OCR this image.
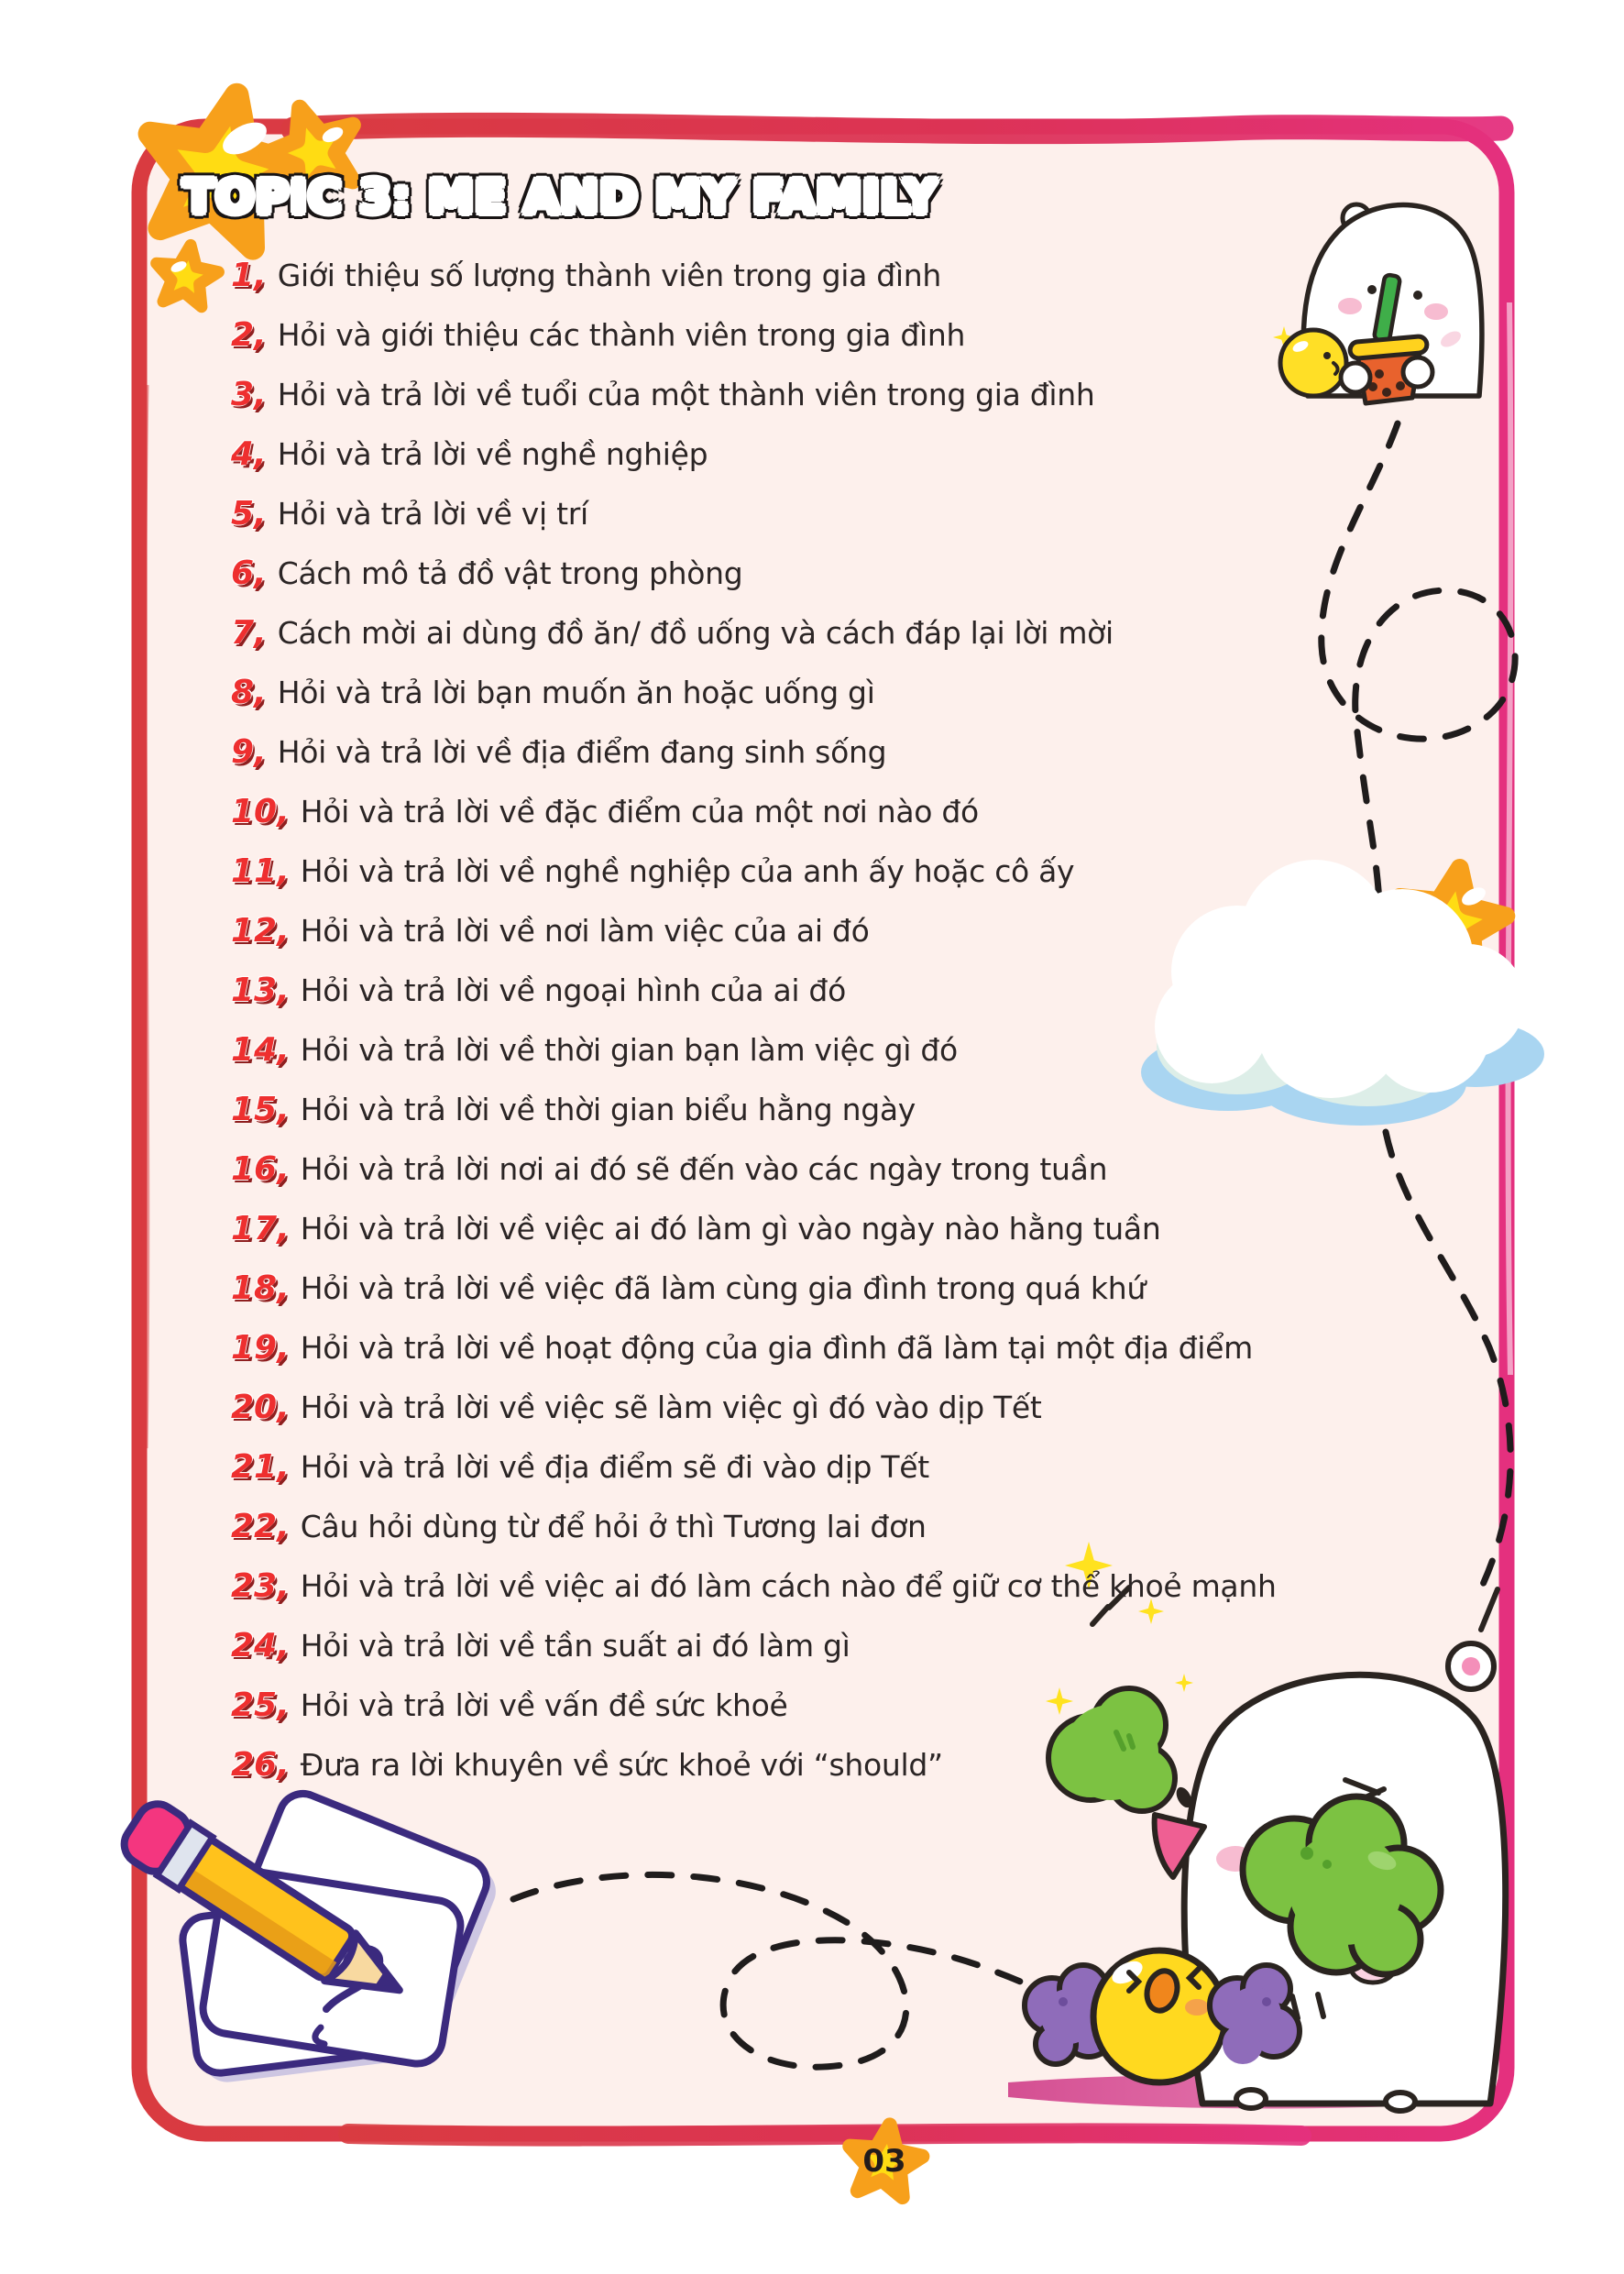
TOPIC 3: ME AND MY FAMILY
1, Giới thiệu số lượng thành viên trong gia đình
2, Hỏi và giới thiệu các thành viên trong gia đình
3, Hỏi và trả lời về tuổi của một thành viên trong gia đình
4, Hỏi và trả lời về nghề nghiệp
5, Hỏi và trả lời về vị trí
6, Cách mô tả đồ vật trong phòng
7, Cách mời ai dùng đồ ăn/ đồ uống và cách đáp lại lời mời
8, Hỏi và trả lời bạn muốn ăn hoặc uống gì
9, Hỏi và trả lời về địa điểm đang sinh sống
10, Hỏi và trả lời về đặc điểm của một nơi nào đó
11, Hỏi và trả lời về nghề nghiệp của anh ấy hoặc cô ấy
12, Hỏi và trả lời về nơi làm việc của ai đó
13, Hỏi và trả lời về ngoại hình của ai đó
14, Hỏi và trả lời về thời gian bạn làm việc gì đó
15, Hỏi và trả lời về thời gian biểu hằng ngày
16, Hỏi và trả lời nơi ai đó sẽ đến vào các ngày trong tuần
17, Hỏi và trả lời về việc ai đó làm gì vào ngày nào hằng tuần
18, Hỏi và trả lời về việc đã làm cùng gia đình trong quá khứ
19, Hỏi và trả lời về hoạt động của gia đình đã làm tại một địa điểm
20, Hỏi và trả lời về việc sẽ làm việc gì đó vào dịp Tết
21, Hỏi và trả lời về địa điểm sẽ đi vào dịp Tết
22, Câu hỏi dùng từ để hỏi ở thì Tương lai đơn
23, Hỏi và trả lời về việc ai đó làm cách nào để giữ cơ thể khoẻ mạnh
24, Hỏi và trả lời về tần suất ai đó làm gì
25, Hỏi và trả lời về vấn đề sức khoẻ
26, Đưa ra lời khuyên về sức khoẻ với “should”
03
